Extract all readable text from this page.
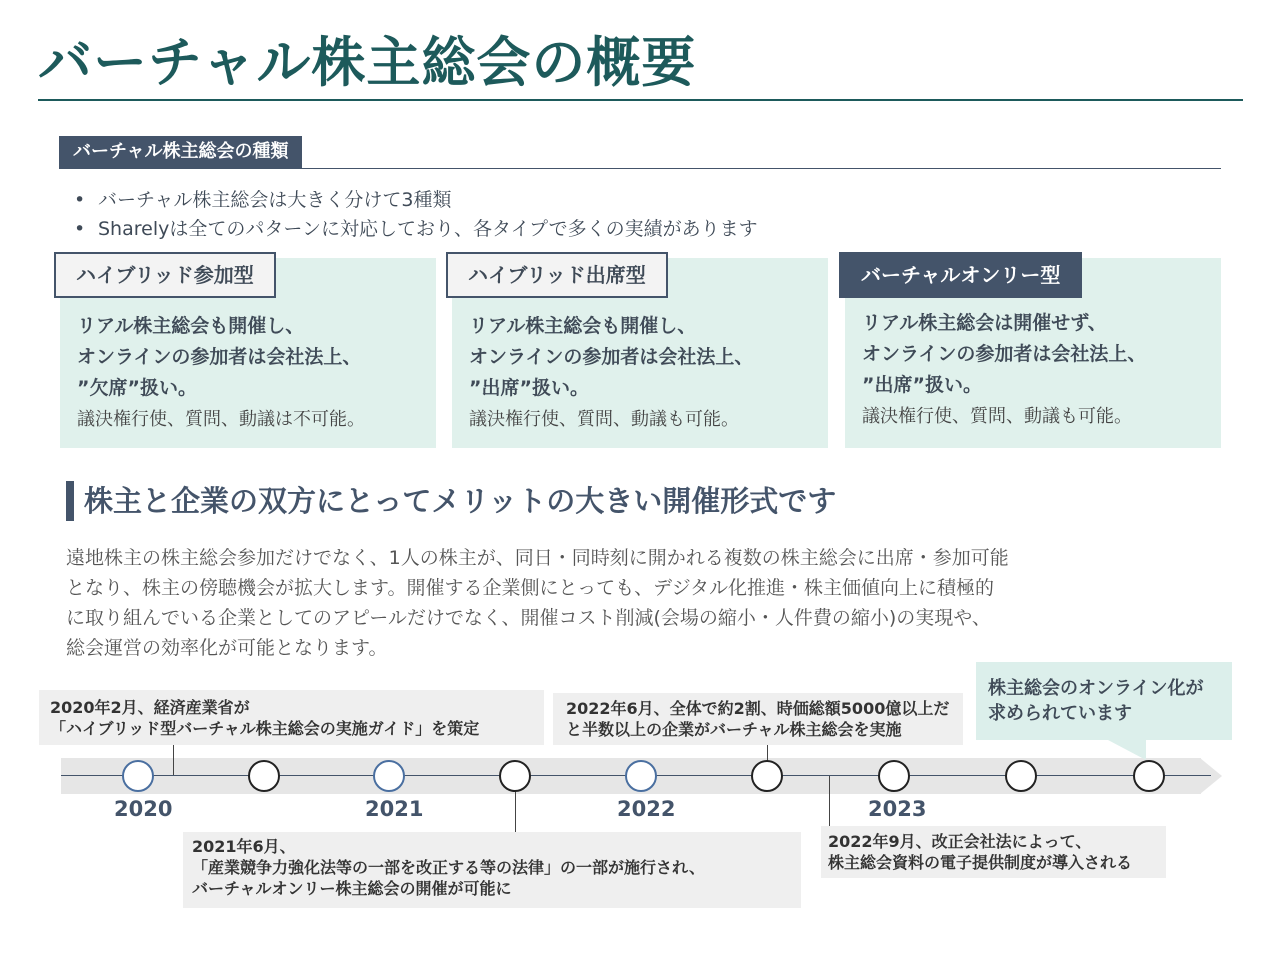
バーチャル株主総会の概要
バーチャル株主総会の種類
• バーチャル株主総会は大きく分けて3種類
• Sharelyは全てのパターンに対応しており、各タイプで多くの実績があります
ハイブリッド参加型
リアル株主総会も開催し、
オンラインの参加者は会社法上、
”欠席”扱い。
議決権行使、質問、動議は不可能。
ハイブリッド出席型
リアル株主総会も開催し、
オンラインの参加者は会社法上、
”出席”扱い。
議決権行使、質問、動議も可能。
バーチャルオンリー型
リアル株主総会は開催せず、
オンラインの参加者は会社法上、
”出席”扱い。
議決権行使、質問、動議も可能。
株主と企業の双方にとってメリットの大きい開催形式です
遠地株主の株主総会参加だけでなく、1人の株主が、同日・同時刻に開かれる複数の株主総会に出席・参加可能
となり、株主の傍聴機会が拡大します。開催する企業側にとっても、デジタル化推進・株主価値向上に積極的
に取り組んでいる企業としてのアピールだけでなく、開催コスト削減(会場の縮小・人件費の縮小)の実現や、
総会運営の効率化が可能となります。
2020	2021	2022	2023
2020年2月、経済産業省が
「ハイブリッド型バーチャル株主総会の実施ガイド」を策定
2021年6月、
「産業競争力強化法等の一部を改正する等の法律」の一部が施行され、
バーチャルオンリー株主総会の開催が可能に
2022年6月、全体で約2割、時価総額5000億以上だ
と半数以上の企業がバーチャル株主総会を実施
2022年9月、改正会社法によって、
株主総会資料の電子提供制度が導入される
株主総会のオンライン化が
求められています
